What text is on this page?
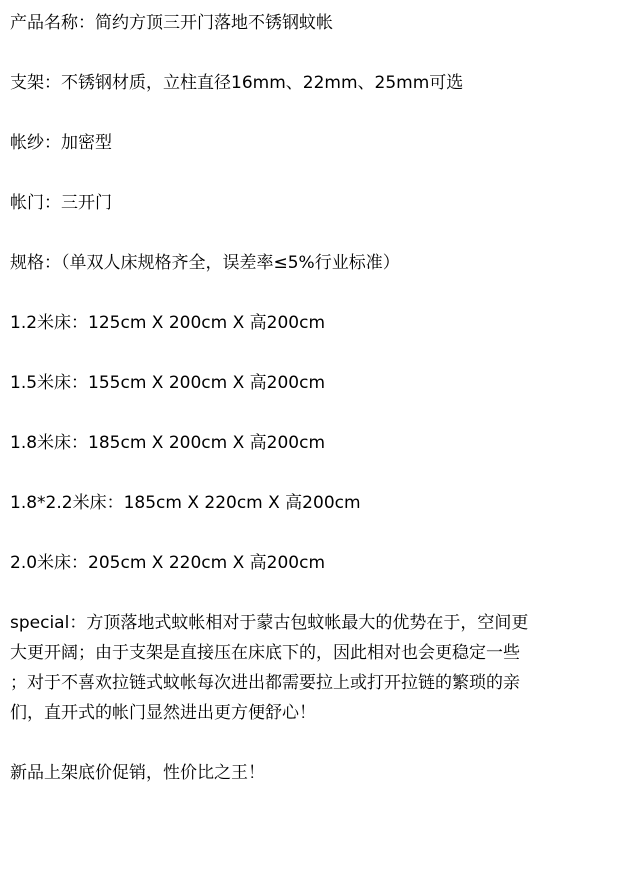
产品名称：简约方顶三开门落地不锈钢蚊帐
支架：不锈钢材质，立柱直径16mm、22mm、25mm可选
帐纱：加密型
帐门：三开门
规格：（单双人床规格齐全，误差率≤5%行业标准）
1.2米床：125cm X 200cm X 高200cm
1.5米床：155cm X 200cm X 高200cm
1.8米床：185cm X 200cm X 高200cm
1.8*2.2米床：185cm X 220cm X 高200cm
2.0米床：205cm X 220cm X 高200cm
special：方顶落地式蚊帐相对于蒙古包蚊帐最大的优势在于，空间更
大更开阔；由于支架是直接压在床底下的，因此相对也会更稳定一些
；对于不喜欢拉链式蚊帐每次进出都需要拉上或打开拉链的繁琐的亲
们，直开式的帐门显然进出更方便舒心！
新品上架底价促销，性价比之王！
